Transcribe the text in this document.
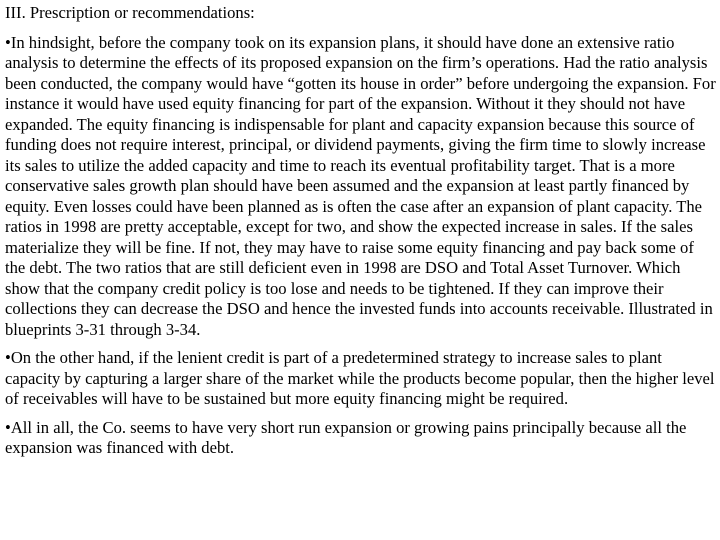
III. Prescription or recommendations:
•In hindsight, before the company took on its expansion plans, it should have done an extensive ratio analysis to determine the effects of its proposed expansion on the firm’s operations. Had the ratio analysis been conducted, the company would have “gotten its house in order” before undergoing the expansion. For instance it would have used equity financing for part of the expansion. Without it they should not have expanded. The equity financing is indispensable for plant and capacity expansion because this source of funding does not require interest, principal, or dividend payments, giving the firm time to slowly increase its sales to utilize the added capacity and time to reach its eventual profitability target. That is a more conservative sales growth plan should have been assumed and the expansion at least partly financed by equity. Even losses could have been planned as is often the case after an expansion of plant capacity. The ratios in 1998 are pretty acceptable, except for two, and show the expected increase in sales. If the sales materialize they will be fine. If not, they may have to raise some equity financing and pay back some of the debt. The two ratios that are still deficient even in 1998 are DSO and Total Asset Turnover. Which show that the company credit policy is too lose and needs to be tightened. If they can improve their collections they can decrease the DSO and hence the invested funds into accounts receivable. Illustrated in blueprints 3-31 through 3-34.
•On the other hand, if the lenient credit is part of a predetermined strategy to increase sales to plant capacity by capturing a larger share of the market while the products become popular, then the higher level of receivables will have to be sustained but more equity financing might be required.
•All in all, the Co. seems to have very short run expansion or growing pains principally because all the expansion was financed with debt.
